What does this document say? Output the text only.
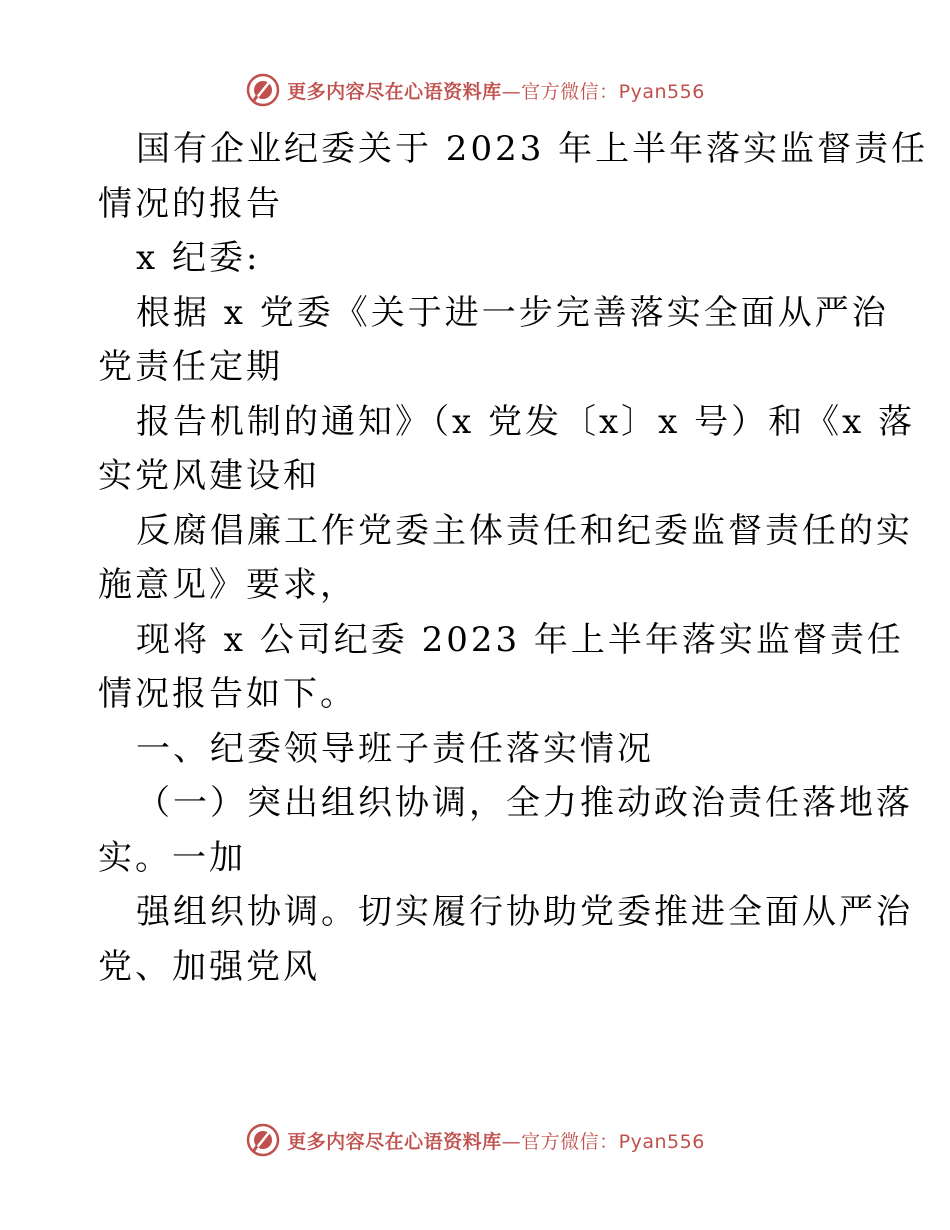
更多内容尽在心语资料库—官方微信：Pyan556
国有企业纪委关于 2023 年上半年落实监督责任
情况的报告
x 纪委:
根据 x 党委《关于进一步完善落实全面从严治
党责任定期
报告机制的通知》（x 党发〔x〕x 号）和《x 落
实党风建设和
反腐倡廉工作党委主体责任和纪委监督责任的实
施意见》要求，
现将 x 公司纪委 2023 年上半年落实监督责任
情况报告如下。
一、纪委领导班子责任落实情况
（一）突出组织协调，全力推动政治责任落地落
实。一加
强组织协调。切实履行协助党委推进全面从严治
党、加强党风
更多内容尽在心语资料库—官方微信：Pyan556
